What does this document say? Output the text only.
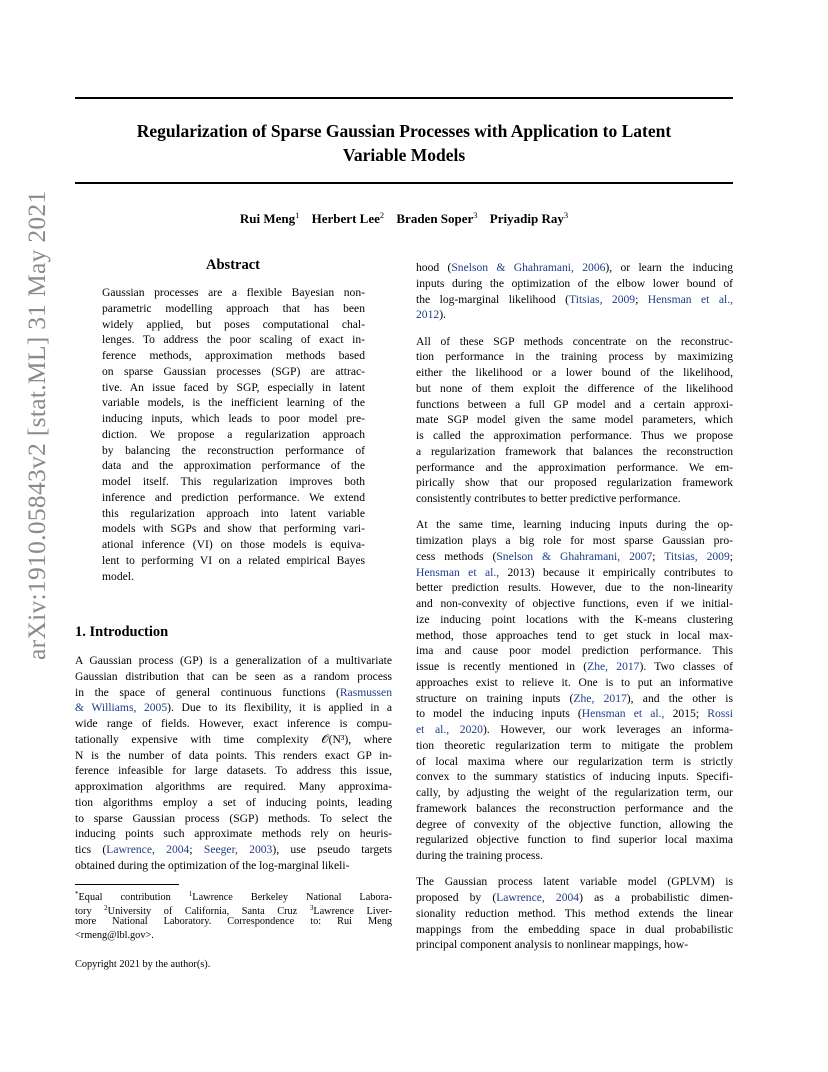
Regularization of Sparse Gaussian Processes with Application to Latent
Variable Models
Rui Meng$^1$ Herbert Lee$^2$ Braden Soper$^3$ Priyadip Ray$^3$
arXiv:1910.05843v2 [stat.ML] 31 May 2021	Abstract
Gaussian processes are a flexible Bayesian non-
parametric modelling approach that has been
widely applied, but poses computational chal-
lenges. To address the poor scaling of exact in-
ference methods, approximation methods based
on sparse Gaussian processes (SGP) are attrac-
tive. An issue faced by SGP, especially in latent
variable models, is the inefficient learning of the
inducing inputs, which leads to poor model pre-
diction. We propose a regularization approach
by balancing the reconstruction performance of
data and the approximation performance of the
model itself. This regularization improves both
inference and prediction performance. We extend
this regularization approach into latent variable
models with SGPs and show that performing vari-
ational inference (VI) on those models is equiva-
lent to performing VI on a related empirical Bayes
model.
1. Introduction
A Gaussian process (GP) is a generalization of a multivariate
Gaussian distribution that can be seen as a random process
in the space of general continuous functions (Rasmussen
& Williams, 2005). Due to its flexibility, it is applied in a
wide range of fields. However, exact inference is compu-
tationally expensive with time complexity 𝒪(N³), where
N is the number of data points. This renders exact GP in-
ference infeasible for large datasets. To address this issue,
approximation algorithms are required. Many approxima-
tion algorithms employ a set of inducing points, leading
to sparse Gaussian process (SGP) methods. To select the
inducing points such approximate methods rely on heuris-
tics (Lawrence, 2004; Seeger, 2003), use pseudo targets
obtained during the optimization of the log-marginal likeli-
*Equal contribution $^1$Lawrence Berkeley National Labora-
tory $^2$University of California, Santa Cruz $^3$Lawrence Liver-
more National Laboratory. Correspondence to: Rui Meng
<rmeng@lbl.gov>.
Copyright 2021 by the author(s).
hood (Snelson & Ghahramani, 2006), or learn the inducing
inputs during the optimization of the elbow lower bound of
the log-marginal likelihood (Titsias, 2009; Hensman et al.,
2012).
All of these SGP methods concentrate on the reconstruc-
tion performance in the training process by maximizing
either the likelihood or a lower bound of the likelihood,
but none of them exploit the difference of the likelihood
functions between a full GP model and a certain approxi-
mate SGP model given the same model parameters, which
is called the approximation performance. Thus we propose
a regularization framework that balances the reconstruction
performance and the approximation performance. We em-
pirically show that our proposed regularization framework
consistently contributes to better predictive performance.
At the same time, learning inducing inputs during the op-
timization plays a big role for most sparse Gaussian pro-
cess methods (Snelson & Ghahramani, 2007; Titsias, 2009;
Hensman et al., 2013) because it empirically contributes to
better prediction results. However, due to the non-linearity
and non-convexity of objective functions, even if we initial-
ize inducing point locations with the K-means clustering
method, those approaches tend to get stuck in local max-
ima and cause poor model prediction performance. This
issue is recently mentioned in (Zhe, 2017). Two classes of
approaches exist to relieve it. One is to put an informative
structure on training inputs (Zhe, 2017), and the other is
to model the inducing inputs (Hensman et al., 2015; Rossi
et al., 2020). However, our work leverages an informa-
tion theoretic regularization term to mitigate the problem
of local maxima where our regularization term is strictly
convex to the summary statistics of inducing inputs. Specifi-
cally, by adjusting the weight of the regularization term, our
framework balances the reconstruction performance and the
degree of convexity of the objective function, allowing the
regularized objective function to find superior local maxima
during the training process.
The Gaussian process latent variable model (GPLVM) is
proposed by (Lawrence, 2004) as a probabilistic dimen-
sionality reduction method. This method extends the linear
mappings from the embedding space in dual probabilistic
principal component analysis to nonlinear mappings, how-
